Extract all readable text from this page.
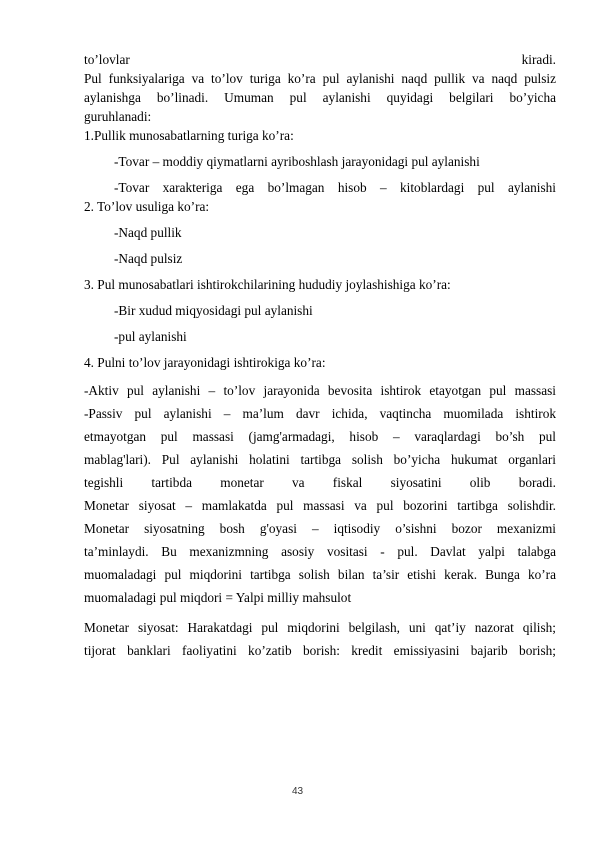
to’lovlar	kiradi.
Pul funksiyalariga va to’lov turiga ko’ra pul aylanishi naqd pullik va naqd pulsiz
aylanishga bo’linadi. Umuman pul aylanishi quyidagi belgilari bo’yicha
guruhlanadi:
1.Pullik munosabatlarning turiga ko’ra:
-Tovar – moddiy qiymatlarni ayriboshlash jarayonidagi pul aylanishi
-Tovar xarakteriga ega bo’lmagan hisob – kitoblardagi pul aylanishi
2. To’lov usuliga ko’ra:
-Naqd pullik
-Naqd pulsiz
3. Pul munosabatlari ishtirokchilarining hududiy joylashishiga ko’ra:
-Bir xudud miqyosidagi pul aylanishi
-pul aylanishi
4. Pulni to’lov jarayonidagi ishtirokiga ko’ra:
-Aktiv pul aylanishi – to’lov jarayonida bevosita ishtirok etayotgan pul massasi
-Passiv pul aylanishi – ma’lum davr ichida, vaqtincha muomilada ishtirok
etmayotgan pul massasi (jamg'armadagi, hisob – varaqlardagi bo’sh pul
mablag'lari). Pul aylanishi holatini tartibga solish bo’yicha hukumat organlari
tegishli tartibda monetar va fiskal siyosatini olib boradi.
Monetar siyosat – mamlakatda pul massasi va pul bozorini tartibga solishdir.
Monetar siyosatning bosh g'oyasi – iqtisodiy o’sishni bozor mexanizmi
ta’minlaydi. Bu mexanizmning asosiy vositasi - pul. Davlat yalpi talabga
muomaladagi pul miqdorini tartibga solish bilan ta’sir etishi kerak. Bunga ko’ra
muomaladagi pul miqdori = Yalpi milliy mahsulot
Monetar siyosat: Harakatdagi pul miqdorini belgilash, uni qat’iy nazorat qilish;
tijorat banklari faoliyatini ko’zatib borish: kredit emissiyasini bajarib borish;
43
